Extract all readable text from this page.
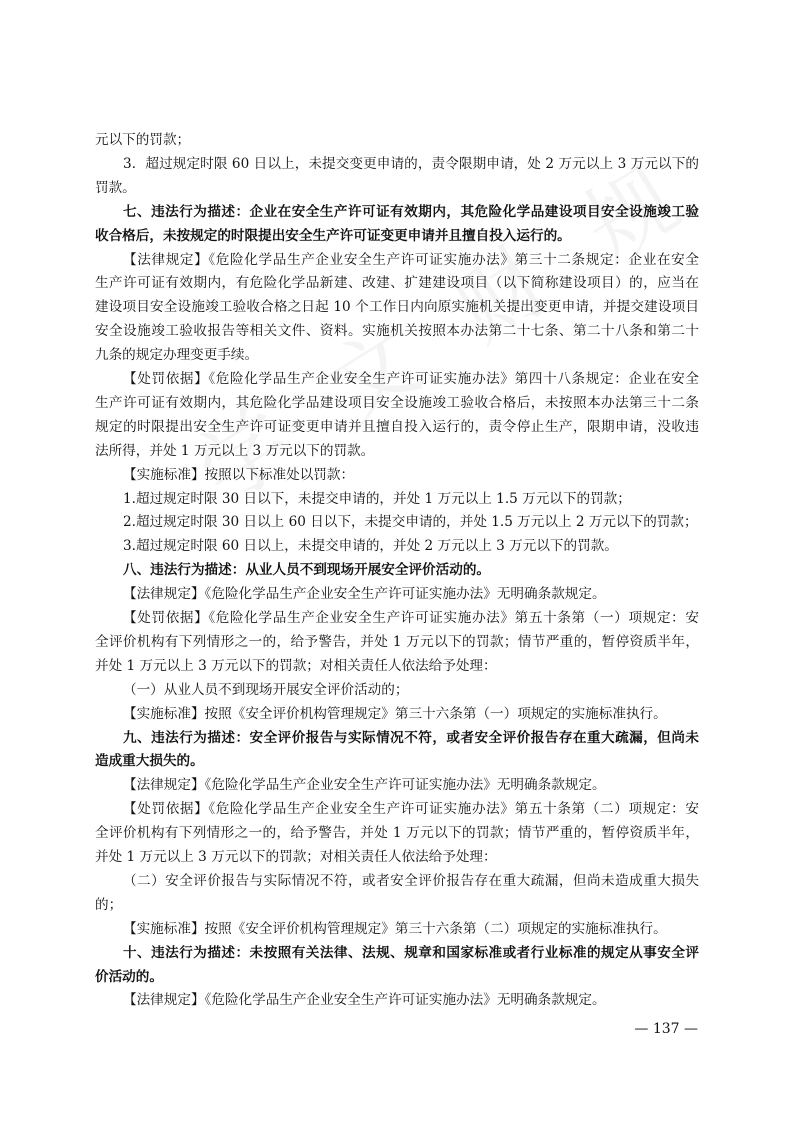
元以下的罚款；
3．超过规定时限 60 日以上，未提交变更申请的，责令限期申请，处 2 万元以上 3 万元以下的
罚款。
七、违法行为描述：企业在安全生产许可证有效期内，其危险化学品建设项目安全设施竣工验
收合格后，未按规定的时限提出安全生产许可证变更申请并且擅自投入运行的。
【法律规定】《危险化学品生产企业安全生产许可证实施办法》第三十二条规定：企业在安全
生产许可证有效期内，有危险化学品新建、改建、扩建建设项目（以下简称建设项目）的，应当在
建设项目安全设施竣工验收合格之日起 10 个工作日内向原实施机关提出变更申请，并提交建设项目
安全设施竣工验收报告等相关文件、资料。实施机关按照本办法第二十七条、第二十八条和第二十
九条的规定办理变更手续。
【处罚依据】《危险化学品生产企业安全生产许可证实施办法》第四十八条规定：企业在安全
生产许可证有效期内，其危险化学品建设项目安全设施竣工验收合格后，未按照本办法第三十二条
规定的时限提出安全生产许可证变更申请并且擅自投入运行的，责令停止生产，限期申请，没收违
法所得，并处 1 万元以上 3 万元以下的罚款。
【实施标准】按照以下标准处以罚款：
1.超过规定时限 30 日以下，未提交申请的，并处 1 万元以上 1.5 万元以下的罚款；
2.超过规定时限 30 日以上 60 日以下，未提交申请的，并处 1.5 万元以上 2 万元以下的罚款；
3.超过规定时限 60 日以上，未提交申请的，并处 2 万元以上 3 万元以下的罚款。
八、违法行为描述：从业人员不到现场开展安全评价活动的。
【法律规定】《危险化学品生产企业安全生产许可证实施办法》无明确条款规定。
【处罚依据】《危险化学品生产企业安全生产许可证实施办法》第五十条第（一）项规定：安
全评价机构有下列情形之一的，给予警告，并处 1 万元以下的罚款；情节严重的，暂停资质半年，
并处 1 万元以上 3 万元以下的罚款；对相关责任人依法给予处理：
（一）从业人员不到现场开展安全评价活动的；
【实施标准】按照《安全评价机构管理规定》第三十六条第（一）项规定的实施标准执行。
九、违法行为描述：安全评价报告与实际情况不符，或者安全评价报告存在重大疏漏，但尚未
造成重大损失的。
【法律规定】《危险化学品生产企业安全生产许可证实施办法》无明确条款规定。
【处罚依据】《危险化学品生产企业安全生产许可证实施办法》第五十条第（二）项规定：安
全评价机构有下列情形之一的，给予警告，并处 1 万元以下的罚款；情节严重的，暂停资质半年，
并处 1 万元以上 3 万元以下的罚款；对相关责任人依法给予处理：
（二）安全评价报告与实际情况不符，或者安全评价报告存在重大疏漏，但尚未造成重大损失
的；
【实施标准】按照《安全评价机构管理规定》第三十六条第（二）项规定的实施标准执行。
十、违法行为描述：未按照有关法律、法规、规章和国家标准或者行业标准的规定从事安全评
价活动的。
【法律规定】《危险化学品生产企业安全生产许可证实施办法》无明确条款规定。
— 137 —
